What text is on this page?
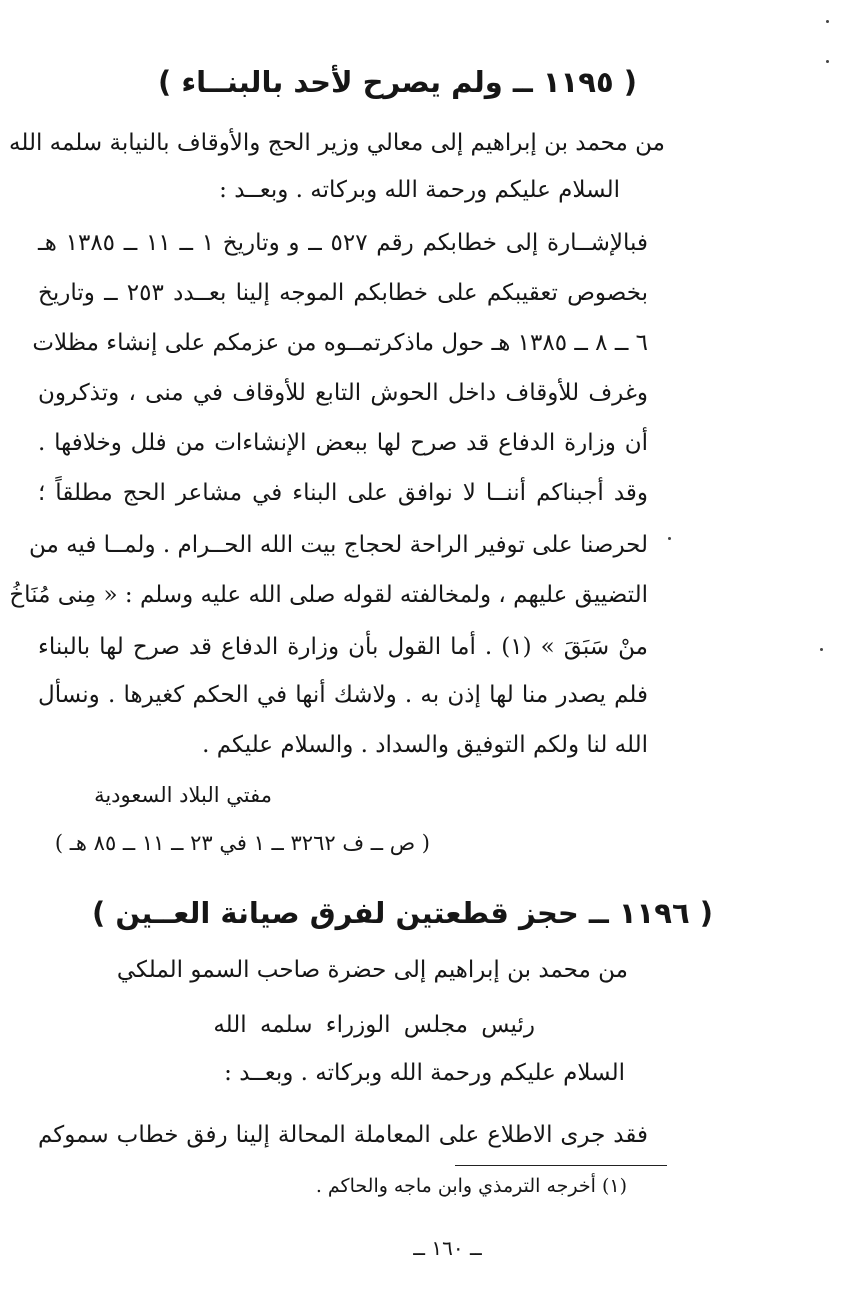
( ١١٩٥ ــ ولم يصرح لأحد بالبنــاء )
من محمد بن إبراهيم إلى معالي وزير الحج والأوقاف بالنيابة سلمه الله
السلام عليكم ورحمة الله وبركاته . وبعــد :
فبالإشــارة إلى خطابكم رقم ٥٢٧ ــ و وتاريخ ١ ــ ١١ ــ ١٣٨٥ هـ
بخصوص تعقيبكم على خطابكم الموجه إلينا بعــدد ٢٥٣ ــ وتاريخ
٦ ــ ٨ ــ ١٣٨٥ هـ حول ماذكرتمــوه من عزمكم على إنشاء مظلات
وغرف للأوقاف داخل الحوش التابع للأوقاف في منى ، وتذكرون
أن وزارة الدفاع قد صرح لها ببعض الإنشاءات من فلل وخلافها .
وقد أجبناكم أننــا لا نوافق على البناء في مشاعر الحج مطلقاً ؛
لحرصنا على توفير الراحة لحجاج بيت الله الحــرام . ولمــا فيه من
التضييق عليهم ، ولمخالفته لقوله صلى الله عليه وسلم : « مِنى مُنَاخُ
منْ سَبَقَ » (١) . أما القول بأن وزارة الدفاع قد صرح لها بالبناء
فلم يصدر منا لها إذن به . ولاشك أنها في الحكم كغيرها . ونسأل
الله لنا ولكم التوفيق والسداد . والسلام عليكم .
مفتي البلاد السعودية
( ص ــ ف ٣٢٦٢ ــ ١ في ٢٣ ــ ١١ ــ ٨٥ هـ )
( ١١٩٦ ــ حجز قطعتين لفرق صيانة العــين )
من محمد بن إبراهيم إلى حضرة صاحب السمو الملكي
رئيس مجلس الوزراء سلمه الله
السلام عليكم ورحمة الله وبركاته . وبعــد :
فقد جرى الاطلاع على المعاملة المحالة إلينا رفق خطاب سموكم
(١) أخرجه الترمذي وابن ماجه والحاكم .
ــ ١٦٠ ــ
